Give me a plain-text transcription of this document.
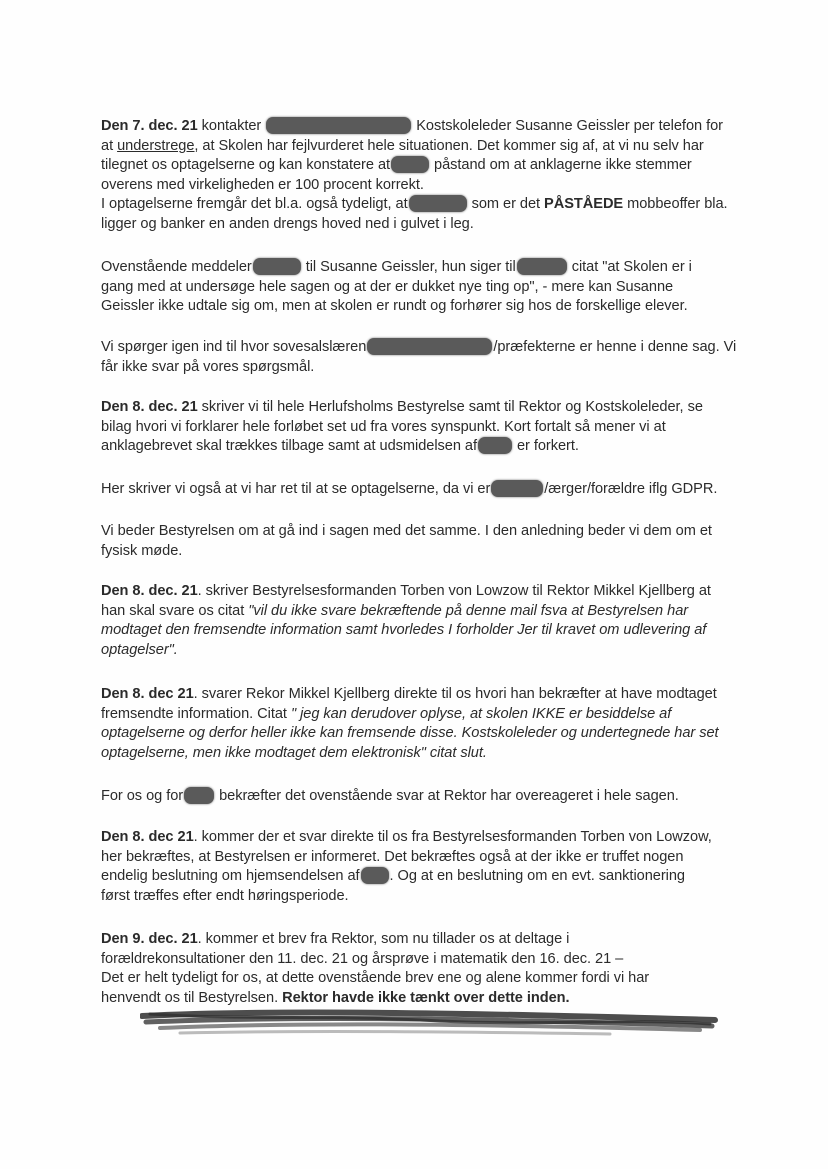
Den 7. dec. 21 kontakter	Kostskoleleder Susanne Geissler per telefon for
at understrege, at Skolen har fejlvurderet hele situationen. Det kommer sig af, at vi nu selv har
tilegnet os optagelserne og kan konstatere at	påstand om at anklagerne ikke stemmer
overens med virkeligheden er 100 procent korrekt.
I optagelserne fremgår det bl.a. også tydeligt, at	som er det PÅSTÅEDE mobbeoffer bla.
ligger og banker en anden drengs hoved ned i gulvet i leg.
Ovenstående meddeler	til Susanne Geissler, hun siger til	citat "at Skolen er i
gang med at undersøge hele sagen og at der er dukket nye ting op", - mere kan Susanne
Geissler ikke udtale sig om, men at skolen er rundt og forhører sig hos de forskellige elever.
Vi spørger igen ind til hvor sovesalslæren	/præfekterne er henne i denne sag. Vi
får ikke svar på vores spørgsmål.
Den 8. dec. 21 skriver vi til hele Herlufsholms Bestyrelse samt til Rektor og Kostskoleleder, se
bilag hvori vi forklarer hele forløbet set ud fra vores synspunkt. Kort fortalt så mener vi at
anklagebrevet skal trækkes tilbage samt at udsmidelsen af er forkert.
Her skriver vi også at vi har ret til at se optagelserne, da vi er	/ærger/forældre iflg GDPR.
Vi beder Bestyrelsen om at gå ind i sagen med det samme. I den anledning beder vi dem om et
fysisk møde.
Den 8. dec. 21. skriver Bestyrelsesformanden Torben von Lowzow til Rektor Mikkel Kjellberg at
han skal svare os citat "vil du ikke svare bekræftende på denne mail fsva at Bestyrelsen har
modtaget den fremsendte information samt hvorledes I forholder Jer til kravet om udlevering af
optagelser".
Den 8. dec 21. svarer Rekor Mikkel Kjellberg direkte til os hvori han bekræfter at have modtaget
fremsendte information. Citat " jeg kan derudover oplyse, at skolen IKKE er besiddelse af
optagelserne og derfor heller ikke kan fremsende disse. Kostskoleleder og undertegnede har set
optagelserne, men ikke modtaget dem elektronisk" citat slut.
For os og for bekræfter det ovenstående svar at Rektor har overeageret i hele sagen.
Den 8. dec 21. kommer der et svar direkte til os fra Bestyrelsesformanden Torben von Lowzow,
her bekræftes, at Bestyrelsen er informeret. Det bekræftes også at der ikke er truffet nogen
endelig beslutning om hjemsendelsen af . Og at en beslutning om en evt. sanktionering
først træffes efter endt høringsperiode.
Den 9. dec. 21. kommer et brev fra Rektor, som nu tillader os at deltage i
forældrekonsultationer den 11. dec. 21 og årsprøve i matematik den 16. dec. 21 –
Det er helt tydeligt for os, at dette ovenstående brev ene og alene kommer fordi vi har
henvendt os til Bestyrelsen. Rektor havde ikke tænkt over dette inden.
